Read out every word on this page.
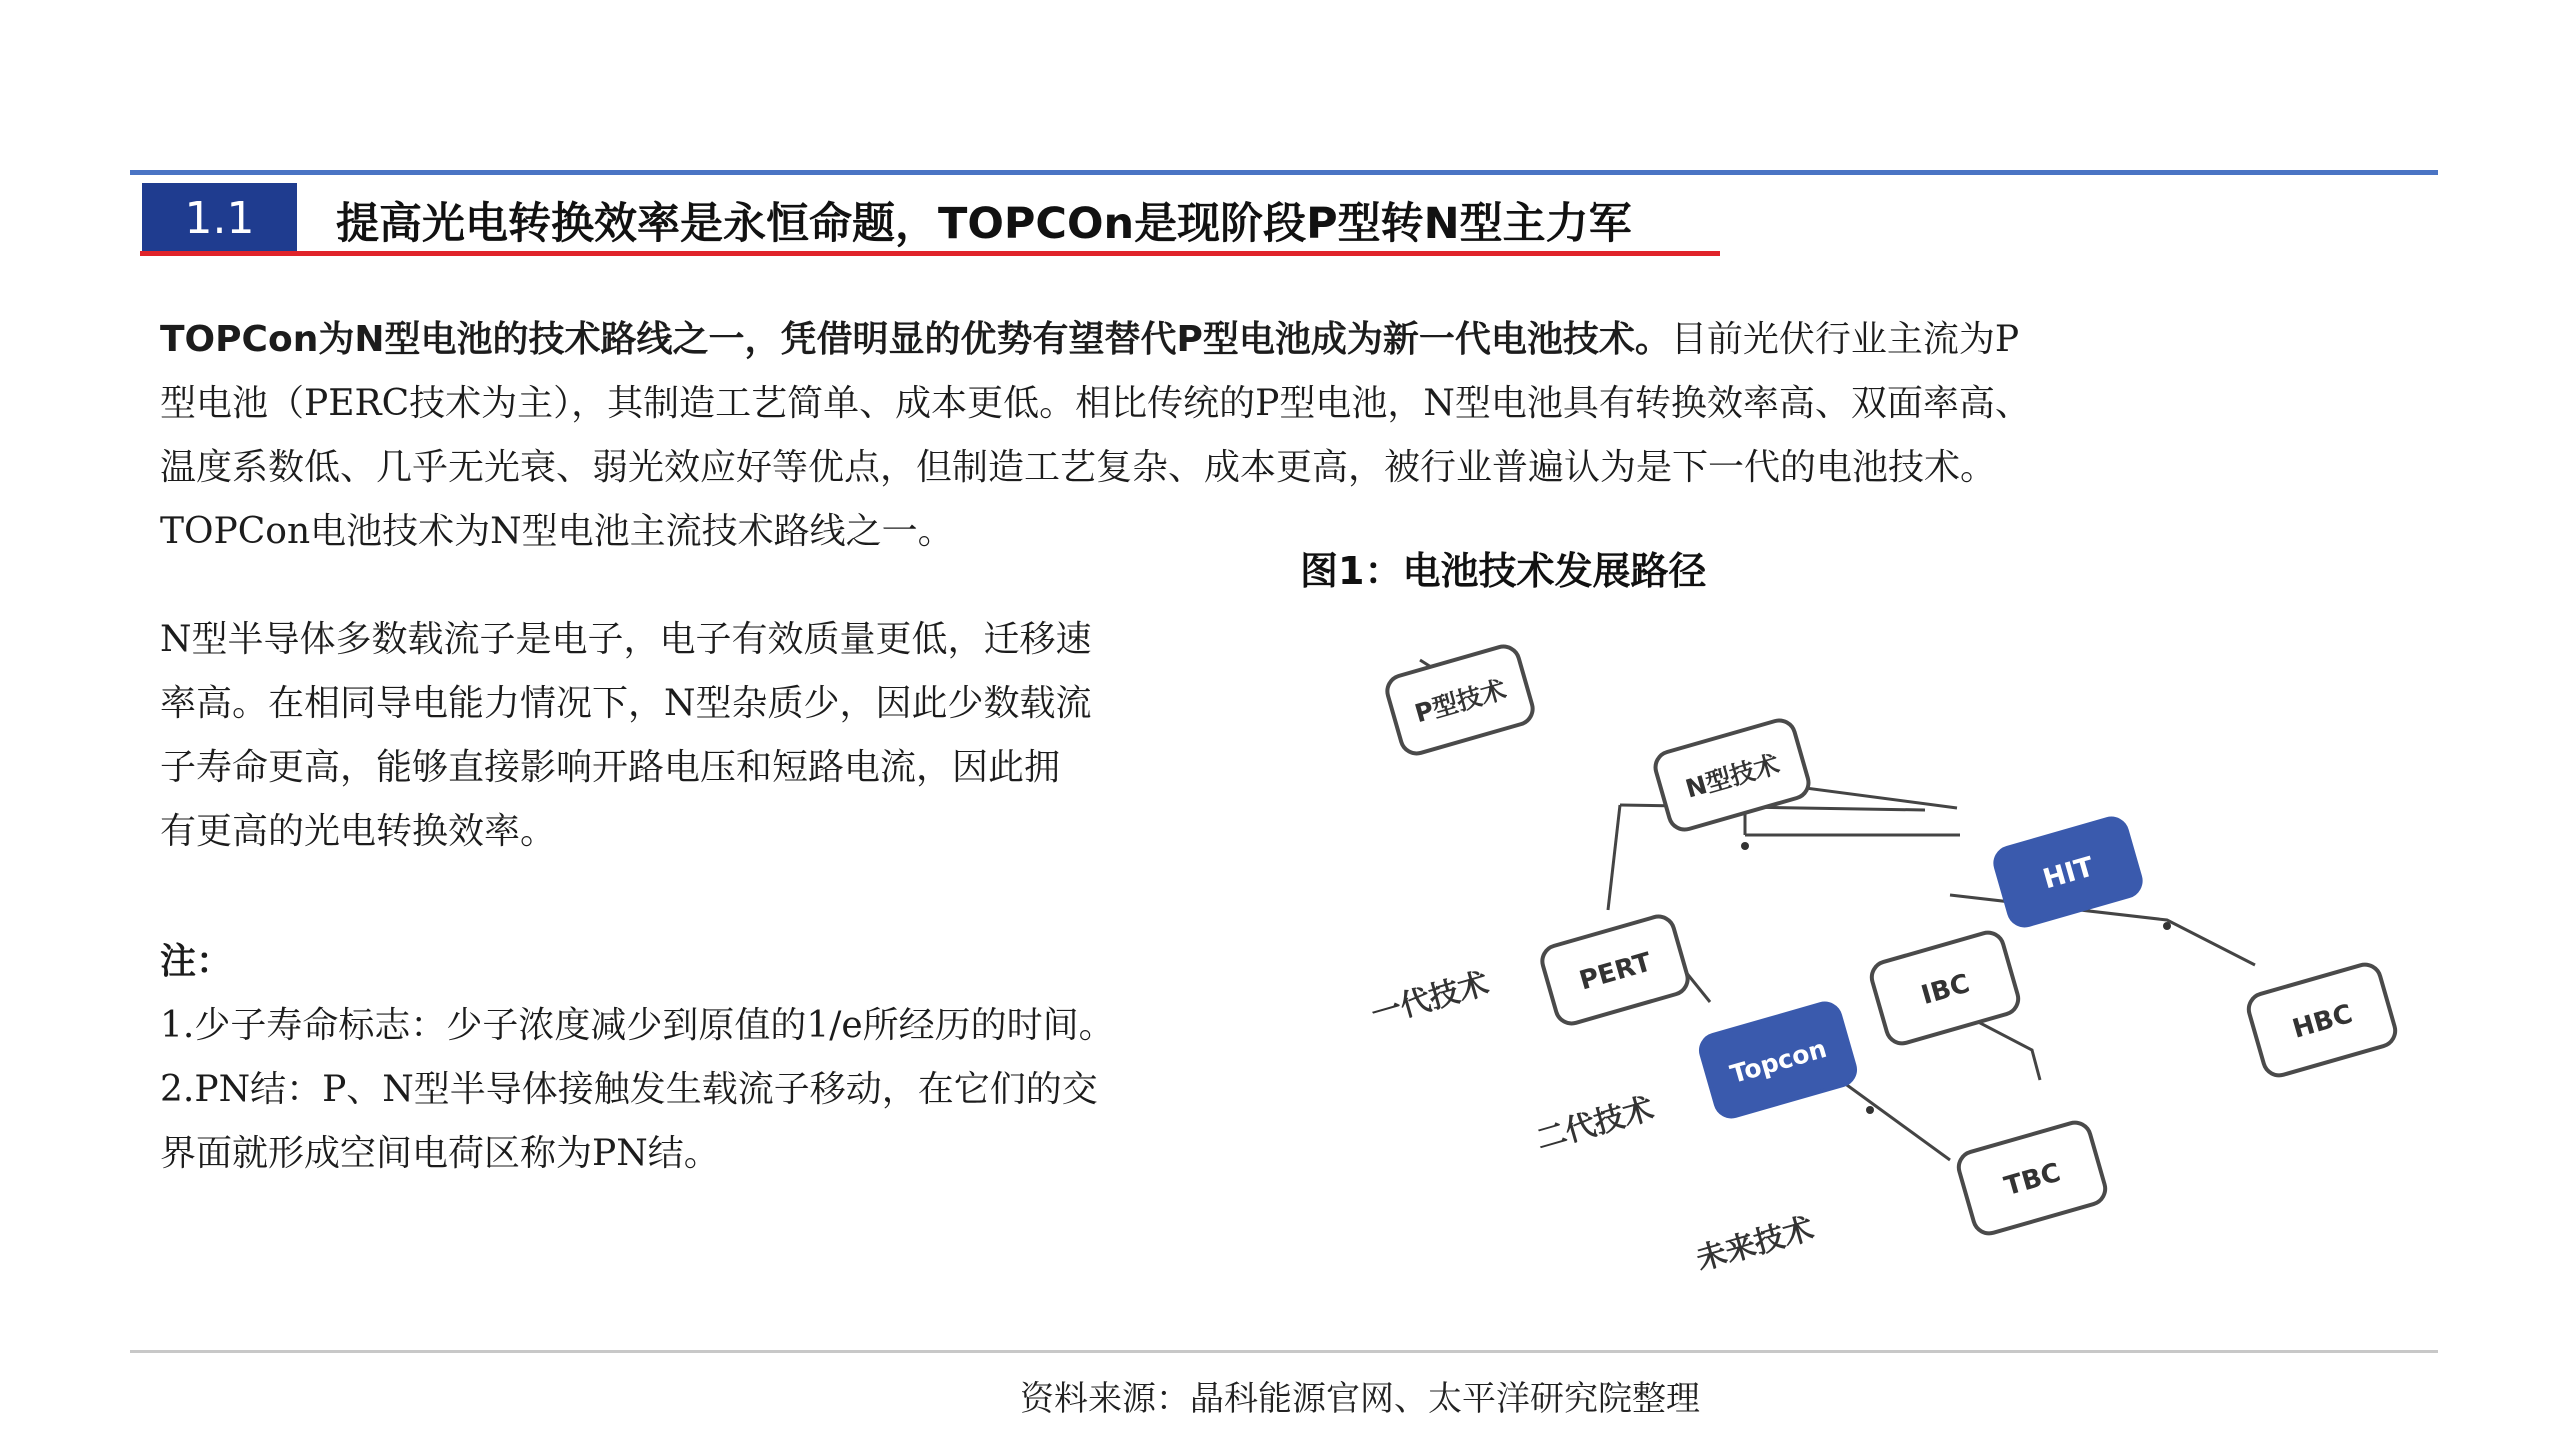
1.1	提高光电转换效率是永恒命题，TOPCOn是现阶段P型转N型主力军
TOPCon为N型电池的技术路线之一，凭借明显的优势有望替代P型电池成为新一代电池技术。目前光伏行业主流为P
型电池（PERC技术为主），其制造工艺简单、成本更低。相比传统的P型电池，N型电池具有转换效率高、双面率高、
温度系数低、几乎无光衰、弱光效应好等优点，但制造工艺复杂、成本更高，被行业普遍认为是下一代的电池技术。
TOPCon电池技术为N型电池主流技术路线之一。
N型半导体多数载流子是电子，电子有效质量更低，迁移速
率高。在相同导电能力情况下，N型杂质少，因此少数载流
子寿命更高，能够直接影响开路电压和短路电流，因此拥
有更高的光电转换效率。
注：
1.少子寿命标志：少子浓度减少到原值的1/e所经历的时间。
2.PN结：P、N型半导体接触发生载流子移动，在它们的交
界面就形成空间电荷区称为PN结。
图1：电池技术发展路径
P型技术
N型技术
HIT
PERT	IBC
HBC
Topcon
TBC
一代技术
二代技术
未来技术
资料来源：晶科能源官网、太平洋研究院整理
